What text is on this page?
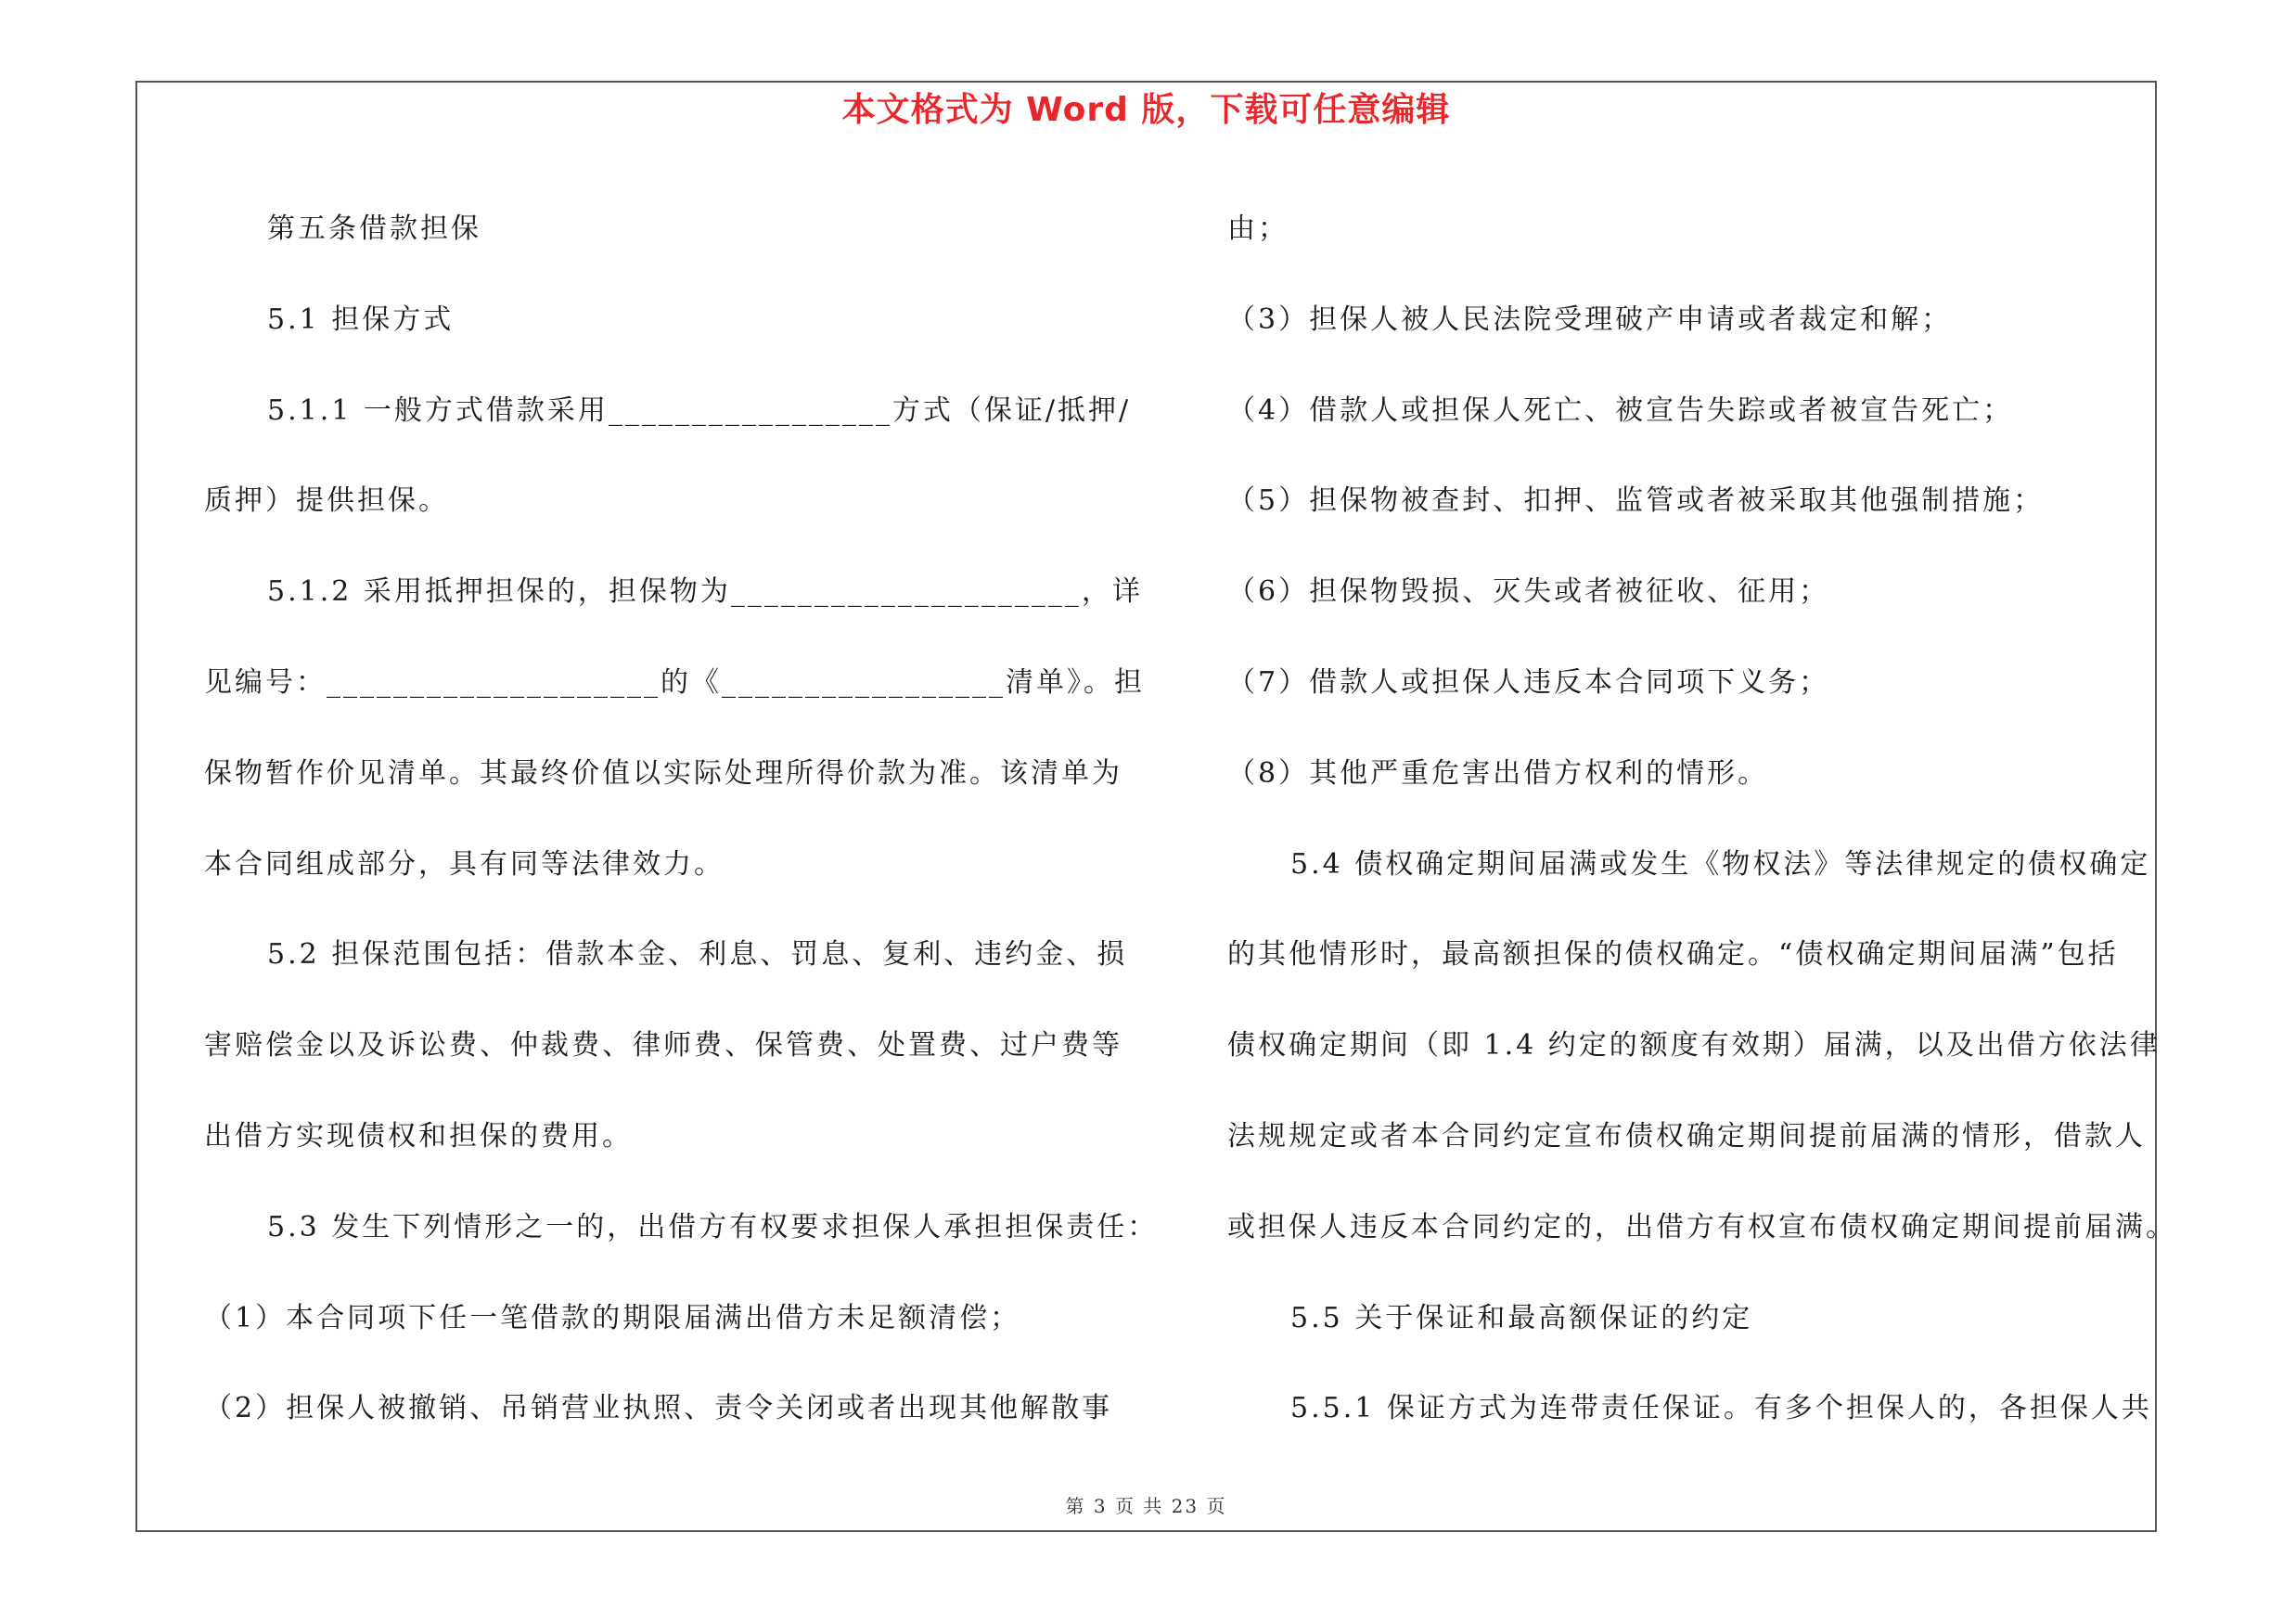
本文格式为 Word 版，下载可任意编辑

第五条借款担保

5.1 担保方式

5.1.1 一般方式借款采用_________________方式（保证/抵押/

质押）提供担保。

5.1.2 采用抵押担保的，担保物为_____________________，详

见编号：____________________的《_________________清单》。担

保物暂作价见清单。其最终价值以实际处理所得价款为准。该清单为

本合同组成部分，具有同等法律效力。

5.2 担保范围包括：借款本金、利息、罚息、复利、违约金、损

害赔偿金以及诉讼费、仲裁费、律师费、保管费、处置费、过户费等

出借方实现债权和担保的费用。

5.3 发生下列情形之一的，出借方有权要求担保人承担担保责任：

（1）本合同项下任一笔借款的期限届满出借方未足额清偿；

（2）担保人被撤销、吊销营业执照、责令关闭或者出现其他解散事

由；

（3）担保人被人民法院受理破产申请或者裁定和解；

（4）借款人或担保人死亡、被宣告失踪或者被宣告死亡；

（5）担保物被查封、扣押、监管或者被采取其他强制措施；

（6）担保物毁损、灭失或者被征收、征用；

（7）借款人或担保人违反本合同项下义务；

（8）其他严重危害出借方权利的情形。

5.4 债权确定期间届满或发生《物权法》等法律规定的债权确定

的其他情形时，最高额担保的债权确定。“债权确定期间届满”包括

债权确定期间（即 1.4 约定的额度有效期）届满，以及出借方依法律

法规规定或者本合同约定宣布债权确定期间提前届满的情形，借款人

或担保人违反本合同约定的，出借方有权宣布债权确定期间提前届满。

5.5 关于保证和最高额保证的约定

5.5.1 保证方式为连带责任保证。有多个担保人的，各担保人共

第 3 页 共 23 页
